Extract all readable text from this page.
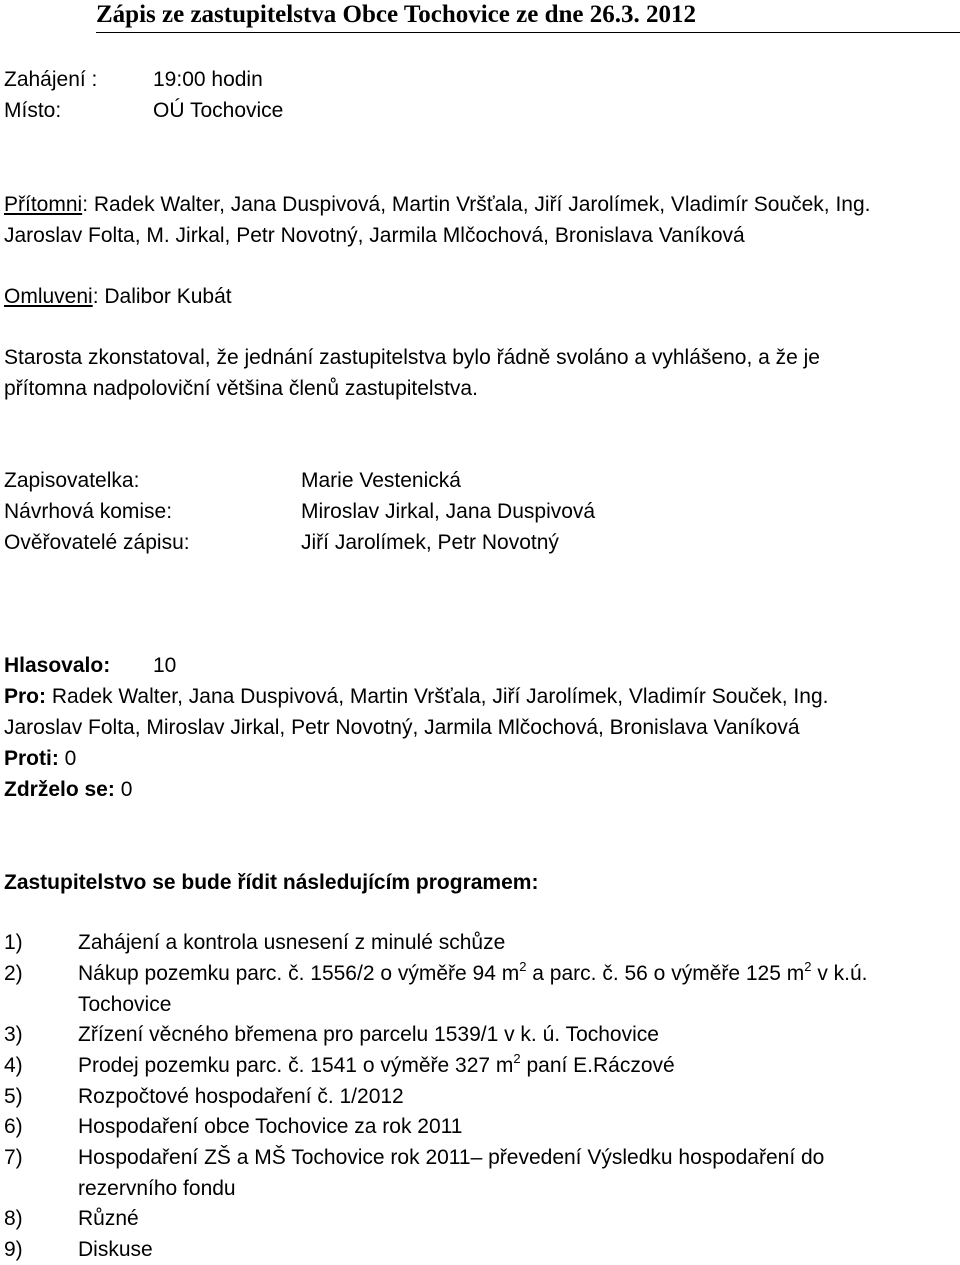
Zápis ze zastupitelstva Obce Tochovice ze dne 26.3. 2012
Zahájení :	19:00 hodin
Místo:	OÚ Tochovice
Přítomni: Radek Walter, Jana Duspivová, Martin Vršťala, Jiří Jarolímek, Vladimír Souček, Ing.
Jaroslav Folta, M. Jirkal, Petr Novotný, Jarmila Mlčochová, Bronislava Vaníková
Omluveni: Dalibor Kubát
Starosta zkonstatoval, že jednání zastupitelstva bylo řádně svoláno a vyhlášeno, a že je
přítomna nadpoloviční většina členů zastupitelstva.
Zapisovatelka:	Marie Vestenická
Návrhová komise:	Miroslav Jirkal, Jana Duspivová
Ověřovatelé zápisu:	Jiří Jarolímek, Petr Novotný
Hlasovalo: 10
Pro: Radek Walter, Jana Duspivová, Martin Vršťala, Jiří Jarolímek, Vladimír Souček, Ing.
Jaroslav Folta, Miroslav Jirkal, Petr Novotný, Jarmila Mlčochová, Bronislava Vaníková
Proti: 0
Zdrželo se: 0
Zastupitelstvo se bude řídit následujícím programem:
1)	Zahájení a kontrola usnesení z minulé schůze
2)	Nákup pozemku parc. č. 1556/2 o výměře 94 $m^2$ a parc. č. 56 o výměře 125 $m^2$ v k.ú.
Tochovice
3)	Zřízení věcného břemena pro parcelu 1539/1 v k. ú. Tochovice
4)	Prodej pozemku parc. č. 1541 o výměře 327 $m^2$ paní E.Ráczové
5)	Rozpočtové hospodaření č. 1/2012
6)	Hospodaření obce Tochovice za rok 2011
7)	Hospodaření ZŠ a MŠ Tochovice rok 2011– převedení Výsledku hospodaření do
rezervního fondu
8)	Různé
9)	Diskuse
